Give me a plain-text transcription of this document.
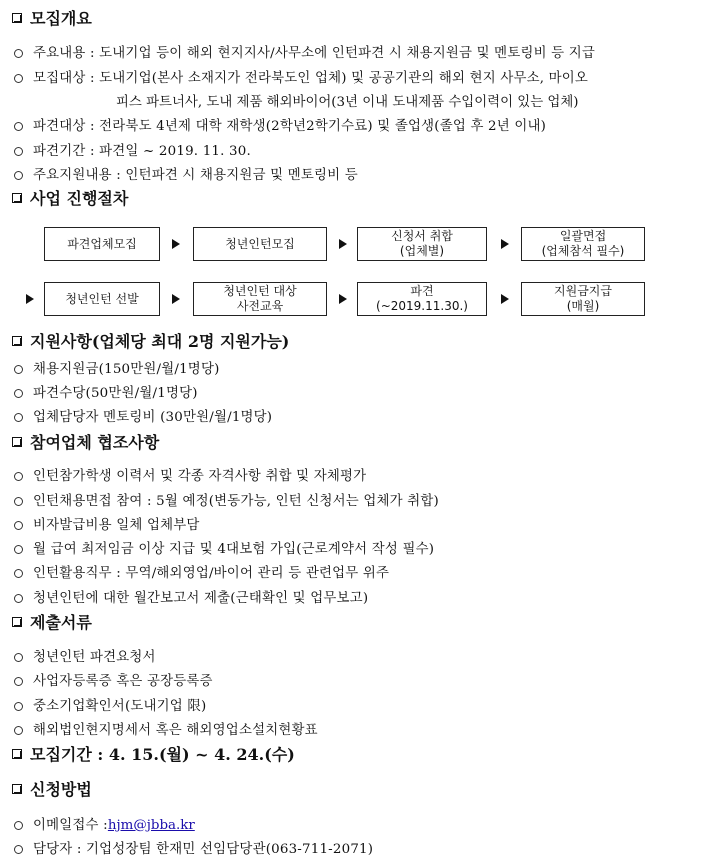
모집개요
주요내용 : 도내기업 등이 해외 현지지사/사무소에 인턴파견 시 채용지원금 및 멘토링비 등 지급
모집대상 : 도내기업(본사 소재지가 전라북도인 업체) 및 공공기관의 해외 현지 사무소, 마이오
피스 파트너사, 도내 제품 해외바이어(3년 이내 도내제품 수입이력이 있는 업체)
파견대상 : 전라북도 4년제 대학 재학생(2학년2학기수료) 및 졸업생(졸업 후 2년 이내)
파견기간 : 파견일 ~ 2019. 11. 30.
주요지원내용 : 인턴파견 시 채용지원금 및 멘토링비 등
사업 진행절차
파견업체모집	청년인턴모집
신청서 취합
(업체별)
일괄면접
(업체참석 필수)
청년인턴 선발
청년인턴 대상
사전교육
파견
(~2019.11.30.)
지원금지급
(매월)
지원사항(업체당 최대 2명 지원가능)
채용지원금(150만원/월/1명당)
파견수당(50만원/월/1명당)
업체담당자 멘토링비 (30만원/월/1명당)
참여업체 협조사항
인턴참가학생 이력서 및 각종 자격사항 취합 및 자체평가
인턴채용면접 참여 : 5월 예정(변동가능, 인턴 신청서는 업체가 취합)
비자발급비용 일체 업체부담
월 급여 최저임금 이상 지급 및 4대보험 가입(근로계약서 작성 필수)
인턴활용직무 : 무역/해외영업/바이어 관리 등 관련업무 위주
청년인턴에 대한 월간보고서 제출(근태확인 및 업무보고)
제출서류
청년인턴 파견요청서
사업자등록증 혹은 공장등록증
중소기업확인서(도내기업 限)
해외법인현지명세서 혹은 해외영업소설치현황표
모집기간 : 4. 15.(월) ~ 4. 24.(수)
신청방법
이메일접수 : hjm@jbba.kr
담당자 : 기업성장팀 한재민 선임담당관(063-711-2071)
